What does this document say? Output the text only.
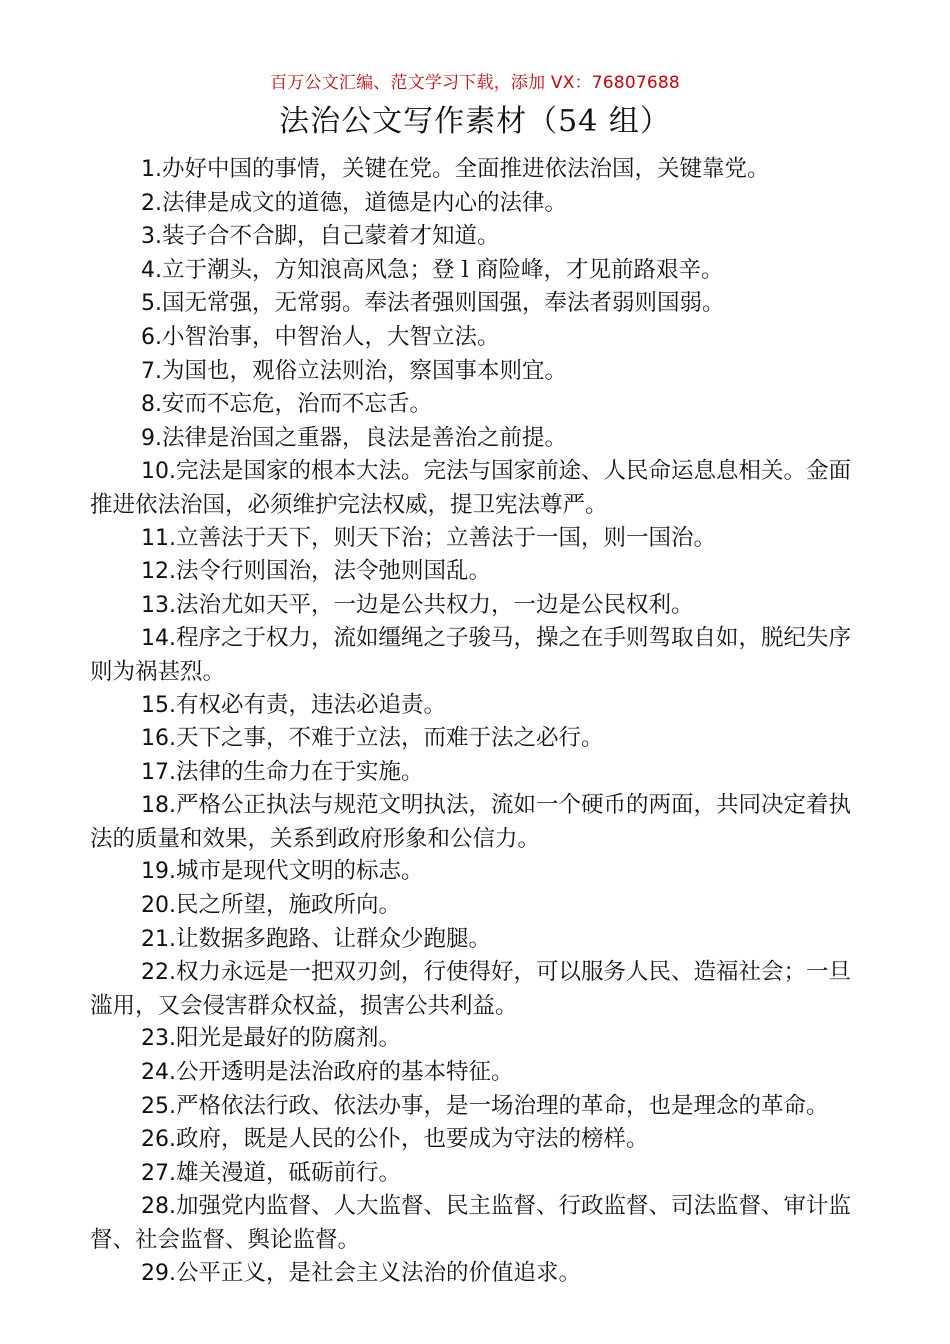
百万公文汇编、范文学习下载，添加 VX：76807688
法治公文写作素材（54 组）

1.办好中国的事情，关键在党。全面推进依法治国，关键靠党。

2.法律是成文的道德，道德是内心的法律。

3.装子合不合脚，自己蒙着才知道。

4.立于潮头，方知浪高风急；登 l 商险峰，才见前路艰辛。

5.国无常强，无常弱。奉法者强则国强，奉法者弱则国弱。

6.小智治事，中智治人，大智立法。

7.为国也，观俗立法则治，察国事本则宜。

8.安而不忘危，治而不忘舌。

9.法律是治国之重器，良法是善治之前提。

10.完法是国家的根本大法。完法与国家前途、人民命运息息相关。金面推进依法治国，必须维护完法权威，提卫宪法尊严。

11.立善法于天下，则天下治；立善法于一国，则一国治。

12.法令行则国治，法令弛则国乱。

13.法治尤如天平，一边是公共权力，一边是公民权利。

14.程序之于权力，流如缰绳之子骏马，操之在手则驾取自如，脱纪失序则为祸甚烈。

15.有权必有责，违法必追责。

16.天下之事，不难于立法，而难于法之必行。

17.法律的生命力在于实施。

18.严格公正执法与规范文明执法，流如一个硬币的两面，共同决定着执法的质量和效果，关系到政府形象和公信力。

19.城市是现代文明的标志。

20.民之所望，施政所向。

21.让数据多跑路、让群众少跑腿。

22.权力永远是一把双刃剑，行使得好，可以服务人民、造福社会；一旦滥用，又会侵害群众权益，损害公共利益。

23.阳光是最好的防腐剂。

24.公开透明是法治政府的基本特征。

25.严格依法行政、依法办事，是一场治理的革命，也是理念的革命。

26.政府，既是人民的公仆，也要成为守法的榜样。

27.雄关漫道，砥砺前行。

28.加强党内监督、人大监督、民主监督、行政监督、司法监督、审计监督、社会监督、舆论监督。

29.公平正义，是社会主义法治的价值追求。
